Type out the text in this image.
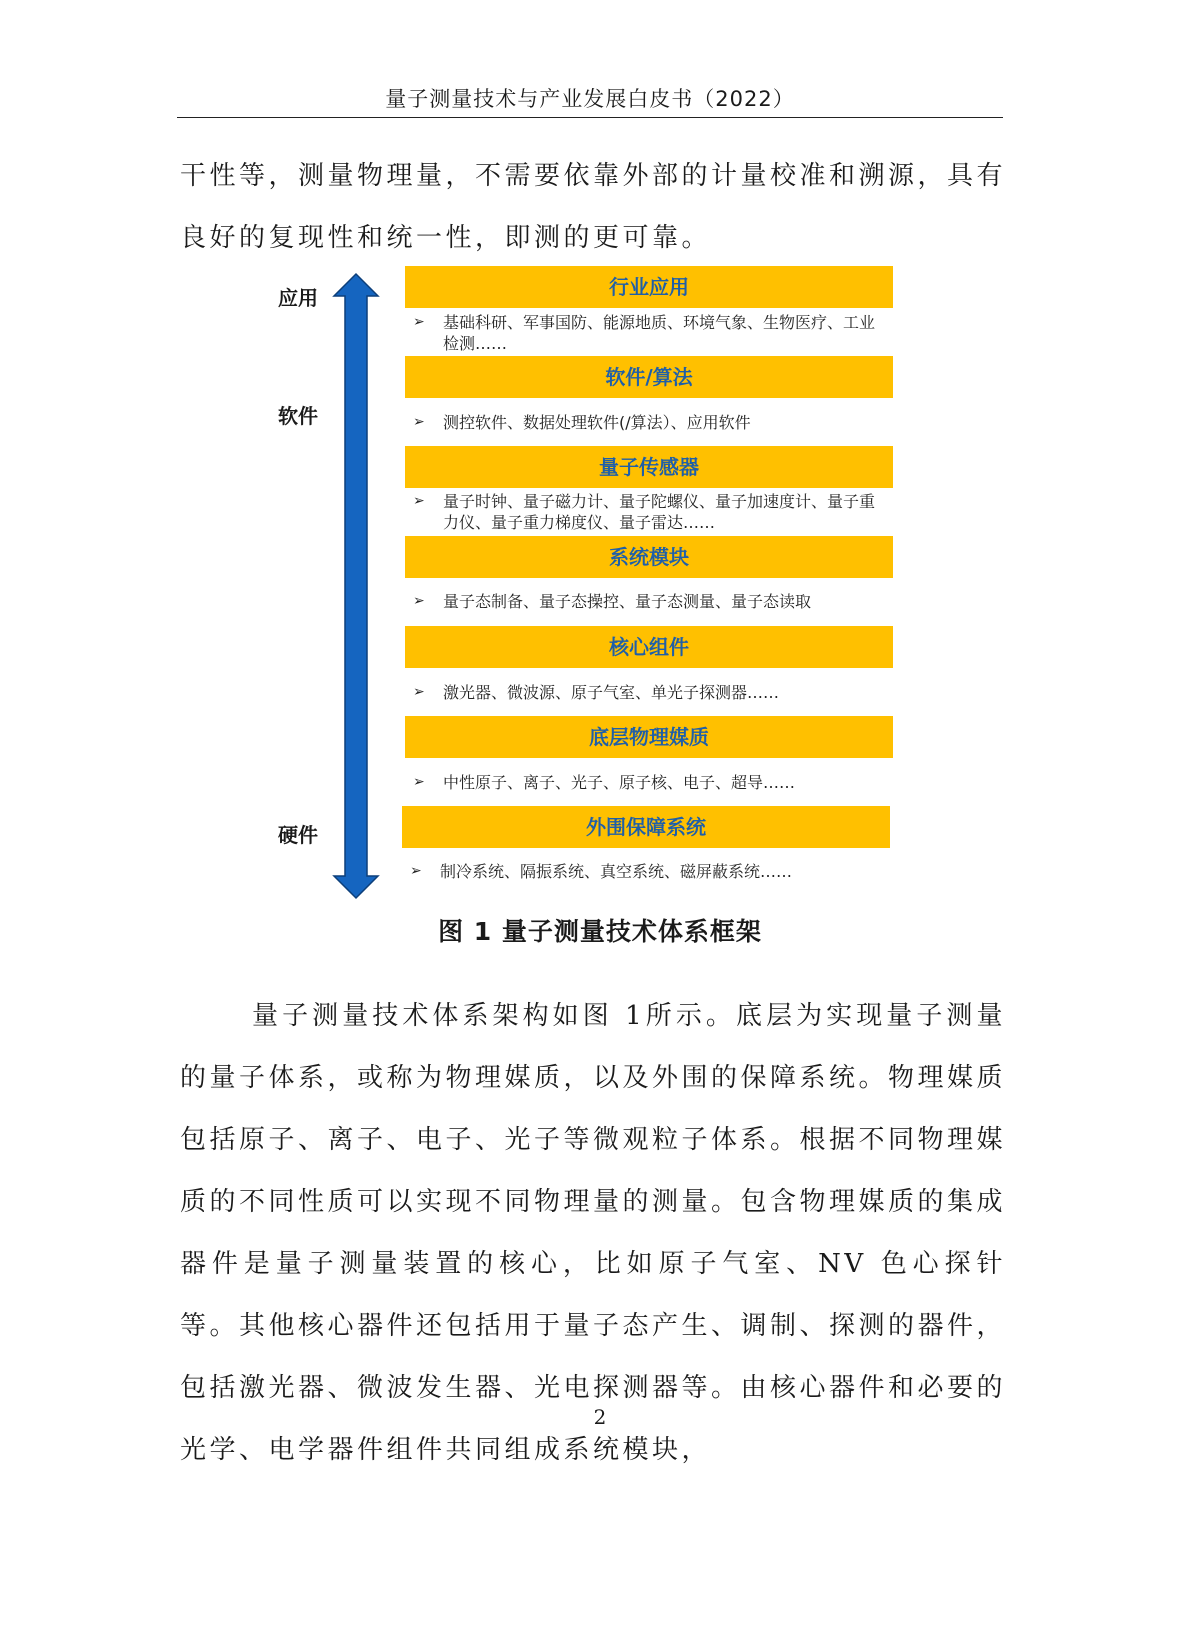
量子测量技术与产业发展白皮书（2022）
干性等，测量物理量，不需要依靠外部的计量校准和溯源，具有良好的复现性和统一性，即测的更可靠。
应用
软件
硬件
行业应用
➢ 基础科研、军事国防、能源地质、环境气象、生物医疗、工业检测……
软件/算法
➢ 测控软件、数据处理软件(/算法）、应用软件
量子传感器
➢ 量子时钟、量子磁力计、量子陀螺仪、量子加速度计、量子重力仪、量子重力梯度仪、量子雷达……
系统模块
➢ 量子态制备、量子态操控、量子态测量、量子态读取
核心组件
➢ 激光器、微波源、原子气室、单光子探测器……
底层物理媒质
➢ 中性原子、离子、光子、原子核、电子、超导……
外围保障系统
➢ 制冷系统、隔振系统、真空系统、磁屏蔽系统……
图 1 量子测量技术体系框架
量子测量技术体系架构如图 1所示。底层为实现量子测量的量子体系，或称为物理媒质，以及外围的保障系统。物理媒质包括原子、离子、电子、光子等微观粒子体系。根据不同物理媒质的不同性质可以实现不同物理量的测量。包含物理媒质的集成器件是量子测量装置的核心，比如原子气室、NV 色心探针等。其他核心器件还包括用于量子态产生、调制、探测的器件，包括激光器、微波发生器、光电探测器等。由核心器件和必要的光学、电学器件组件共同组成系统模块，
2
